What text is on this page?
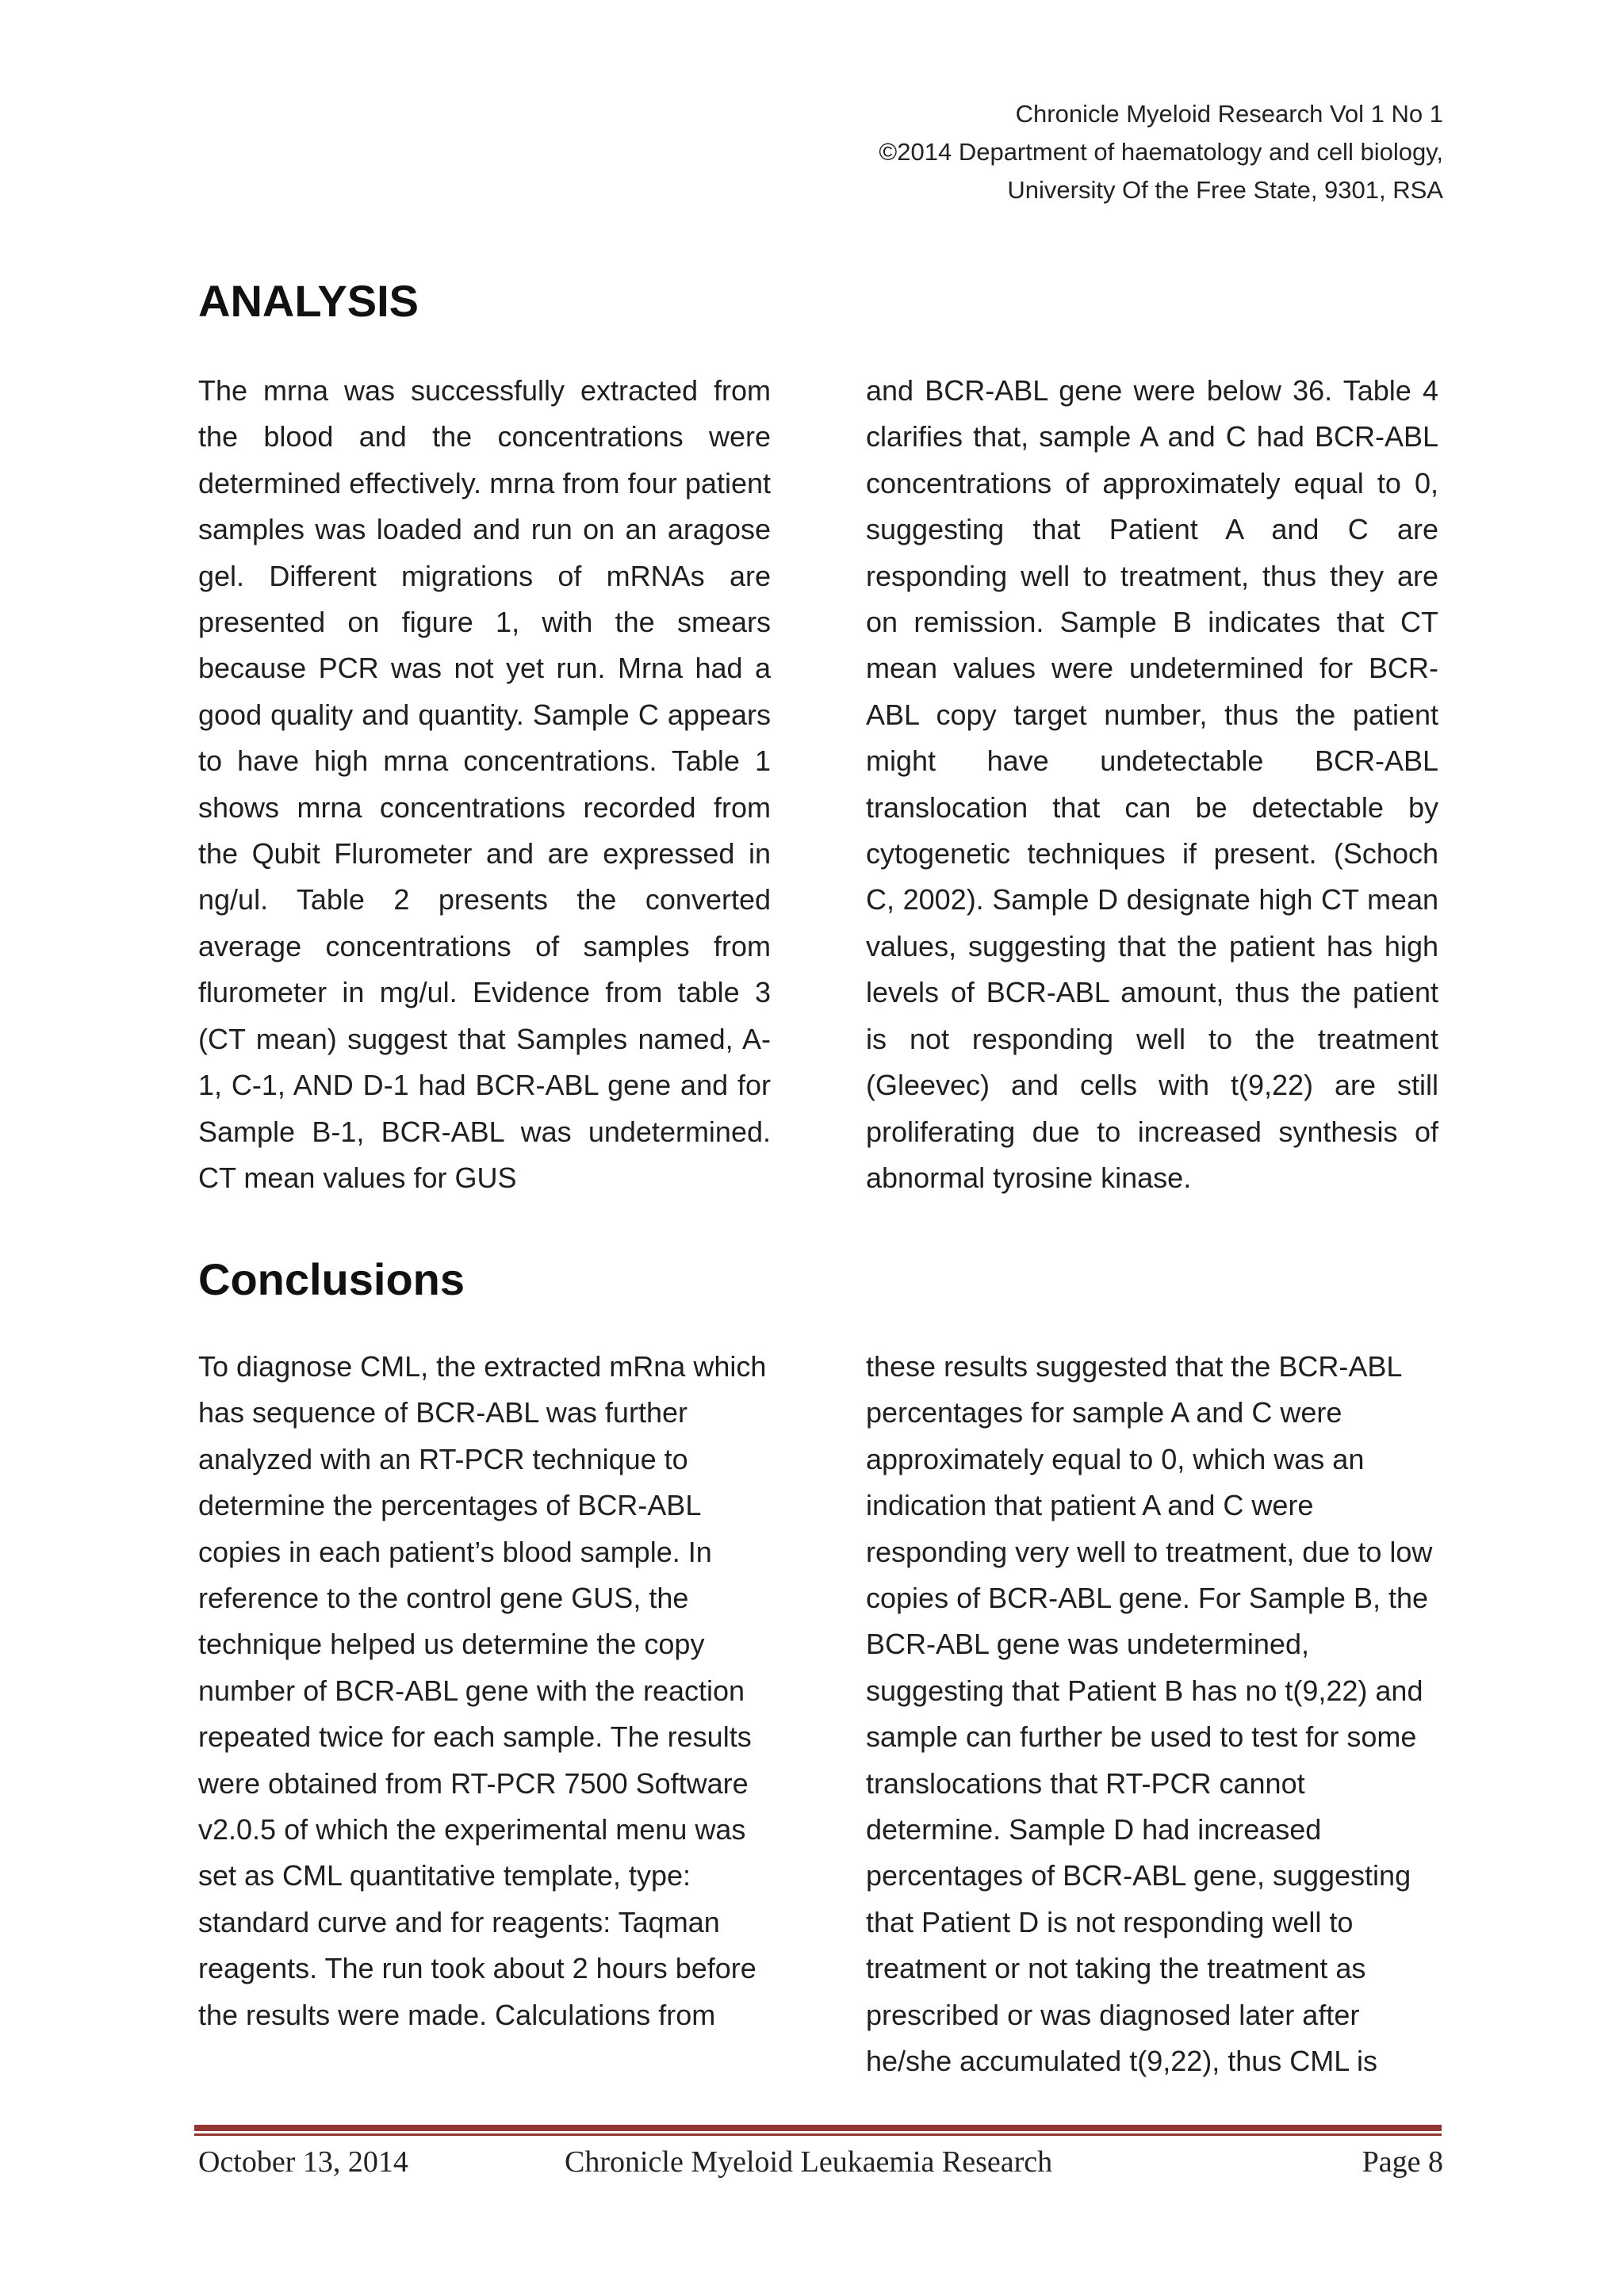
Chronicle Myeloid Research Vol 1 No 1
©2014 Department of haematology and cell biology,
University Of the Free State, 9301, RSA
ANALYSIS

The mrna was successfully extracted from the blood and the concentrations were determined effectively. mrna from four patient samples was loaded and run on an aragose gel. Different migrations of mRNAs are presented on figure 1, with the smears because PCR was not yet run. Mrna had a good quality and quantity. Sample C appears to have high mrna concentrations. Table 1 shows mrna concentrations recorded from the Qubit Flurometer and are expressed in ng/ul. Table 2 presents the converted average concentrations of samples from flurometer in mg/ul. Evidence from table 3 (CT mean) suggest that Samples named, A-1, C-1, AND D-1 had BCR-ABL gene and for Sample B-1, BCR-ABL was undetermined. CT mean values for GUS

and BCR-ABL gene were below 36. Table 4 clarifies that, sample A and C had BCR-ABL concentrations of approximately equal to 0, suggesting that Patient A and C are responding well to treatment, thus they are on remission. Sample B indicates that CT mean values were undetermined for BCR-ABL copy target number, thus the patient might have undetectable BCR-ABL translocation that can be detectable by cytogenetic techniques if present. (Schoch C, 2002). Sample D designate high CT mean values, suggesting that the patient has high levels of BCR-ABL amount, thus the patient is not responding well to the treatment (Gleevec) and cells with t(9,22) are still proliferating due to increased synthesis of abnormal tyrosine kinase.

Conclusions

To diagnose CML, the extracted mRna which has sequence of BCR-ABL was further analyzed with an RT-PCR technique to determine the percentages of BCR-ABL copies in each patient’s blood sample. In reference to the control gene GUS, the technique helped us determine the copy number of BCR-ABL gene with the reaction repeated twice for each sample. The results were obtained from RT-PCR 7500 Software v2.0.5 of which the experimental menu was set as CML quantitative template, type: standard curve and for reagents: Taqman reagents. The run took about 2 hours before the results were made. Calculations from

these results suggested that the BCR-ABL percentages for sample A and C were approximately equal to 0, which was an indication that patient A and C were responding very well to treatment, due to low copies of BCR-ABL gene. For Sample B, the BCR-ABL gene was undetermined, suggesting that Patient B has no t(9,22) and sample can further be used to test for some translocations that RT-PCR cannot determine. Sample D had increased percentages of BCR-ABL gene, suggesting that Patient D is not responding well to treatment or not taking the treatment as prescribed or was diagnosed later after he/she accumulated t(9,22), thus CML is

October 13, 2014	Chronicle Myeloid Leukaemia Research	Page 8
